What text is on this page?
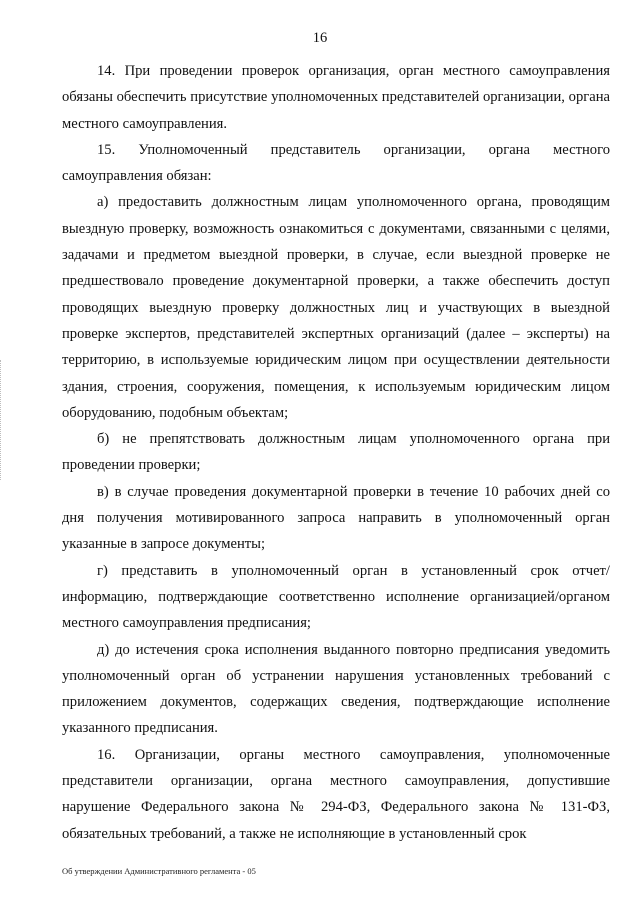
16

14. При проведении проверок организация, орган местного самоуправления обязаны обеспечить присутствие уполномоченных представителей организации, органа местного самоуправления.

15. Уполномоченный представитель организации, органа местного самоуправления обязан:

а) предоставить должностным лицам уполномоченного органа, проводящим выездную проверку, возможность ознакомиться с документами, связанными с целями, задачами и предметом выездной проверки, в случае, если выездной проверке не предшествовало проведение документарной проверки, а также обеспечить доступ проводящих выездную проверку должностных лиц и участвующих в выездной проверке экспертов, представителей экспертных организаций (далее – эксперты) на территорию, в используемые юридическим лицом при осуществлении деятельности здания, строения, сооружения, помещения, к используемым юридическим лицом оборудованию, подобным объектам;

б) не препятствовать должностным лицам уполномоченного органа при проведении проверки;

в) в случае проведения документарной проверки в течение 10 рабочих дней со дня получения мотивированного запроса направить в уполномоченный орган указанные в запросе документы;

г) представить в уполномоченный орган в установленный срок отчет/информацию, подтверждающие соответственно исполнение организацией/органом местного самоуправления предписания;

д) до истечения срока исполнения выданного повторно предписания уведомить уполномоченный орган об устранении нарушения установленных требований с приложением документов, содержащих сведения, подтверждающие исполнение указанного предписания.

16. Организации, органы местного самоуправления, уполномоченные представители организации, органа местного самоуправления, допустившие нарушение Федерального закона № 294-ФЗ, Федерального закона № 131-ФЗ, обязательных требований, а также не исполняющие в установленный срок

Об утверждении Административного регламента - 05
